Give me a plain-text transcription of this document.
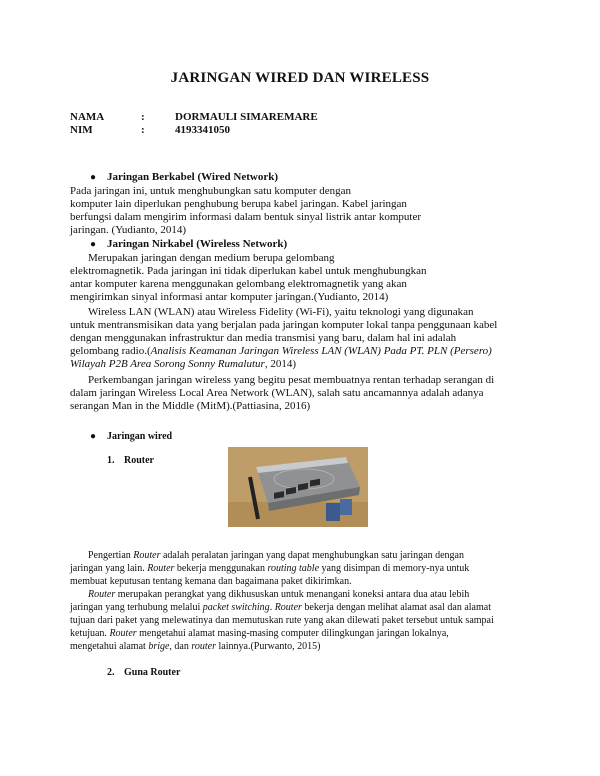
JARINGAN WIRED DAN WIRELESS
NAMA	:	DORMAULI SIMAREMARE
NIM	:	4193341050
● Jaringan Berkabel (Wired Network)
Pada jaringan ini, untuk menghubungkan satu komputer dengan
komputer lain diperlukan penghubung berupa kabel jaringan. Kabel jaringan
berfungsi dalam mengirim informasi dalam bentuk sinyal listrik antar komputer
jaringan. (Yudianto, 2014)
● Jaringan Nirkabel (Wireless Network)
Merupakan jaringan dengan medium berupa gelombang
elektromagnetik. Pada jaringan ini tidak diperlukan kabel untuk menghubungkan
antar komputer karena menggunakan gelombang elektromagnetik yang akan
mengirimkan sinyal informasi antar komputer jaringan.(Yudianto, 2014)
Wireless LAN (WLAN) atau Wireless Fidelity (Wi-Fi), yaitu teknologi yang digunakan
untuk mentransmisikan data yang berjalan pada jaringan komputer lokal tanpa penggunaan kabel
dengan menggunakan infrastruktur dan media transmisi yang baru, dalam hal ini adalah
gelombang radio.(Analisis Keamanan Jaringan Wireless LAN (WLAN) Pada PT. PLN (Persero)
Wilayah P2B Area Sorong Sonny Rumalutur, 2014)
Perkembangan jaringan wireless yang begitu pesat membuatnya rentan terhadap serangan di
dalam jaringan Wireless Local Area Network (WLAN), salah satu ancamannya adalah adanya
serangan Man in the Middle (MitM).(Pattiasina, 2016)
● Jaringan wired
1. Router
Pengertian Router adalah peralatan jaringan yang dapat menghubungkan satu jaringan dengan
jaringan yang lain. Router bekerja menggunakan routing table yang disimpan di memory-nya untuk
membuat keputusan tentang kemana dan bagaimana paket dikirimkan.
Router merupakan perangkat yang dikhususkan untuk menangani koneksi antara dua atau lebih
jaringan yang terhubung melalui packet switching. Router bekerja dengan melihat alamat asal dan alamat
tujuan dari paket yang melewatinya dan memutuskan rute yang akan dilewati paket tersebut untuk sampai
ketujuan. Router mengetahui alamat masing-masing computer dilingkungan jaringan lokalnya,
mengetahui alamat brige, dan router lainnya.(Purwanto, 2015)
2. Guna Router
